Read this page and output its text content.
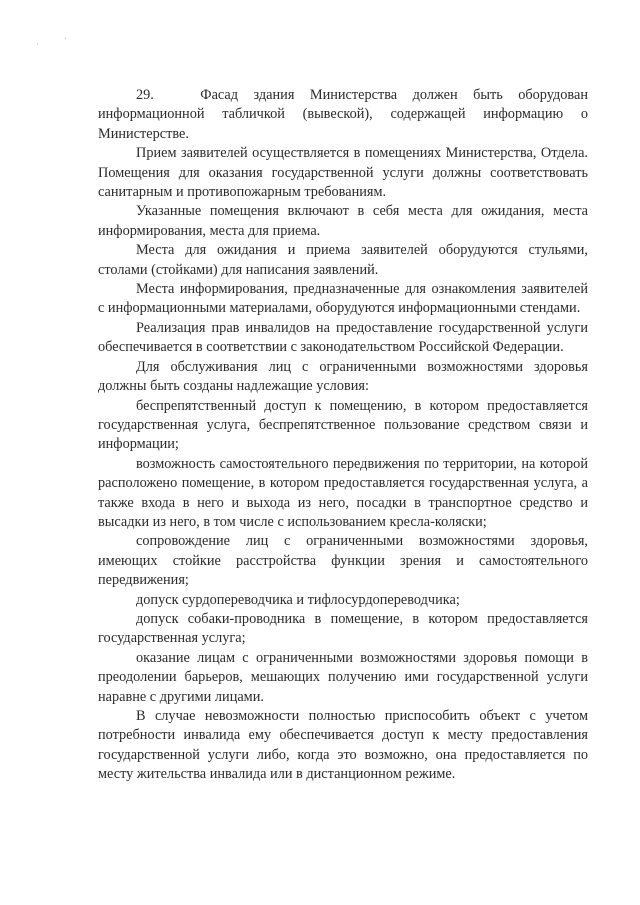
·
·

29.   Фасад здания Министерства должен быть оборудован информационной табличкой (вывеской), содержащей информацию о Министерстве.

Прием заявителей осуществляется в помещениях Министерства, Отдела. Помещения для оказания государственной услуги должны соответствовать санитарным и противопожарным требованиям.

Указанные помещения включают в себя места для ожидания, места информирования, места для приема.

Места для ожидания и приема заявителей оборудуются стульями, столами (стойками) для написания заявлений.

Места информирования, предназначенные для ознакомления заявителей с информационными материалами, оборудуются информационными стендами.

Реализация прав инвалидов на предоставление государственной услуги обеспечивается в соответствии с законодательством Российской Федерации.

Для обслуживания лиц с ограниченными возможностями здоровья должны быть созданы надлежащие условия:

беспрепятственный доступ к помещению, в котором предоставляется государственная услуга, беспрепятственное пользование средством связи и информации;

возможность самостоятельного передвижения по территории, на которой расположено помещение, в котором предоставляется государственная услуга, а также входа в него и выхода из него, посадки в транспортное средство и высадки из него, в том числе с использованием кресла-коляски;

сопровождение лиц с ограниченными возможностями здоровья, имеющих стойкие расстройства функции зрения и самостоятельного передвижения;

допуск сурдопереводчика и тифлосурдопереводчика;

допуск собаки-проводника в помещение, в котором предоставляется государственная услуга;

оказание лицам с ограниченными возможностями здоровья помощи в преодолении барьеров, мешающих получению ими государственной услуги наравне с другими лицами.

В случае невозможности полностью приспособить объект с учетом потребности инвалида ему обеспечивается доступ к месту предоставления государственной услуги либо, когда это возможно, она предоставляется по месту жительства инвалида или в дистанционном режиме.
